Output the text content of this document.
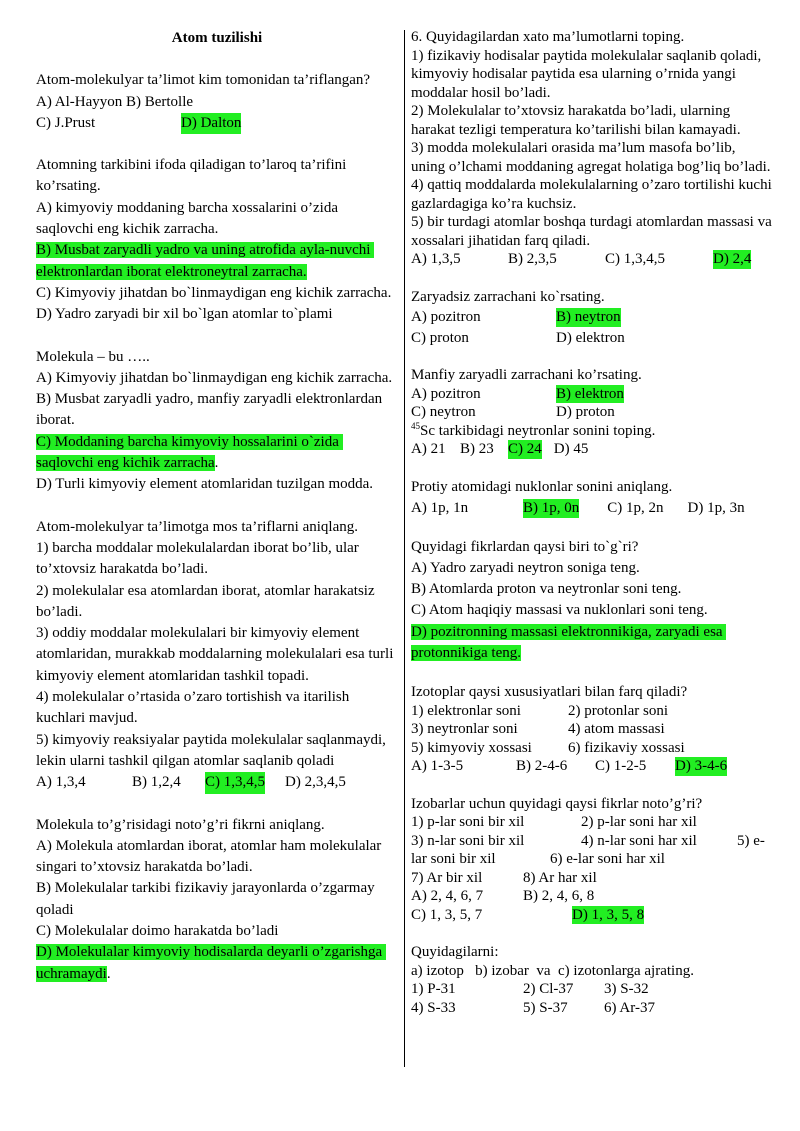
Atom tuzilishi
Atom-molekulyar ta’limot kim tomonidan ta’riflangan?
A) Al-Hayyon B) Bertolle
C) J.Prust	D) Dalton
Atomning tarkibini ifoda qiladigan to’laroq ta’rifini ko’rsating.
A) kimyoviy moddaning barcha xossalarini o’zida saqlovchi eng kichik zarracha.
B) Musbat zaryadli yadro va uning atrofida ayla-nuvchi elektronlardan iborat elektroneytral zarracha.
C) Kimyoviy jihatdan bo`linmaydigan eng kichik zarracha.
D) Yadro zaryadi bir xil bo`lgan atomlar to`plami
Molekula – bu …..
A) Kimyoviy jihatdan bo`linmaydigan eng kichik zarracha.
B) Musbat zaryadli yadro, manfiy zaryadli elektronlardan iborat.
C) Moddaning barcha kimyoviy hossalarini o`zida saqlovchi eng kichik zarracha.
D) Turli kimyoviy element atomlaridan tuzilgan modda.
Atom-molekulyar ta’limotga mos ta’riflarni aniqlang.
1) barcha moddalar molekulalardan iborat bo’lib, ular to’xtovsiz harakatda bo’ladi.
2) molekulalar esa atomlardan iborat, atomlar harakatsiz bo’ladi.
3) oddiy moddalar molekulalari bir kimyoviy element atomlaridan, murakkab moddalarning molekulalari esa turli kimyoviy element atomlaridan tashkil topadi.
4) molekulalar o’rtasida o’zaro tortishish va itarilish kuchlari mavjud.
5) kimyoviy reaksiyalar paytida molekulalar saqlanmaydi, lekin ularni tashkil qilgan atomlar saqlanib qoladi
A) 1,3,4	B) 1,2,4	C) 1,3,4,5 D) 2,3,4,5
Molekula to’g’risidagi noto’g’ri fikrni aniqlang.
A) Molekula atomlardan iborat, atomlar ham molekulalar singari to’xtovsiz harakatda bo’ladi.
B) Molekulalar tarkibi fizikaviy jarayonlarda o’zgarmay qoladi
C) Molekulalar doimo harakatda bo’ladi
D) Molekulalar kimyoviy hodisalarda deyarli o’zgarishga uchramaydi.
6. Quyidagilardan xato ma’lumotlarni toping.
1) fizikaviy hodisalar paytida molekulalar saqlanib qoladi, kimyoviy hodisalar paytida esa ularning o’rnida yangi moddalar hosil bo’ladi.
2) Molekulalar to’xtovsiz harakatda bo’ladi, ularning harakat tezligi temperatura ko’tarilishi bilan kamayadi.
3) modda molekulalari orasida ma’lum masofa bo’lib, uning o’lchami moddaning agregat holatiga bog’liq bo’ladi.
4) qattiq moddalarda molekulalarning o’zaro tortilishi kuchi gazlardagiga ko’ra kuchsiz.
5) bir turdagi atomlar boshqa turdagi atomlardan massasi va xossalari jihatidan farq qiladi.
A) 1,3,5	B) 2,3,5	C) 1,3,4,5	D) 2,4
Zaryadsiz zarrachani ko`rsating.
A) pozitron	B) neytron
C) proton	D) elektron
Manfiy zaryadli zarrachani ko’rsating.
A) pozitron	B) elektron
C) neytron	D) proton
$^{45}$Sc tarkibidagi neytronlar sonini toping.
A) 21 B) 23 C) 24 D) 45
Protiy atomidagi nuklonlar sonini aniqlang.
A) 1p, 1n	B) 1p, 0n C) 1p, 2n D) 1p, 3n
Quyidagi fikrlardan qaysi biri to`g`ri?
A) Yadro zaryadi neytron soniga teng.
B) Atomlarda proton va neytronlar soni teng.
C) Atom haqiqiy massasi va nuklonlari soni teng.
D) pozitronning massasi elektronnikiga, zaryadi esa protonnikiga teng.
Izotoplar qaysi xususiyatlari bilan farq qiladi?
1) elektronlar soni	2) protonlar soni
3) neytronlar soni	4) atom massasi
5) kimyoviy xossasi	6) fizikaviy xossasi
A) 1-3-5	B) 2-4-6	C) 1-2-5	D) 3-4-6
Izobarlar uchun quyidagi qaysi fikrlar noto’g’ri?
1) p-lar soni bir xil	2) p-lar soni har xil
3) n-lar soni bir xil	4) n-lar soni har xil	5) e-
lar soni bir xil	6) e-lar soni har xil
7) Ar bir xil	8) Ar har xil
A) 2, 4, 6, 7	B) 2, 4, 6, 8
C) 1, 3, 5, 7	D) 1, 3, 5, 8
Quyidagilarni:
a) izotop   b) izobar  va  c) izotonlarga ajrating.
1) P-31	2) Cl-37	3) S-32
4) S-33	5) S-37	6) Ar-37
